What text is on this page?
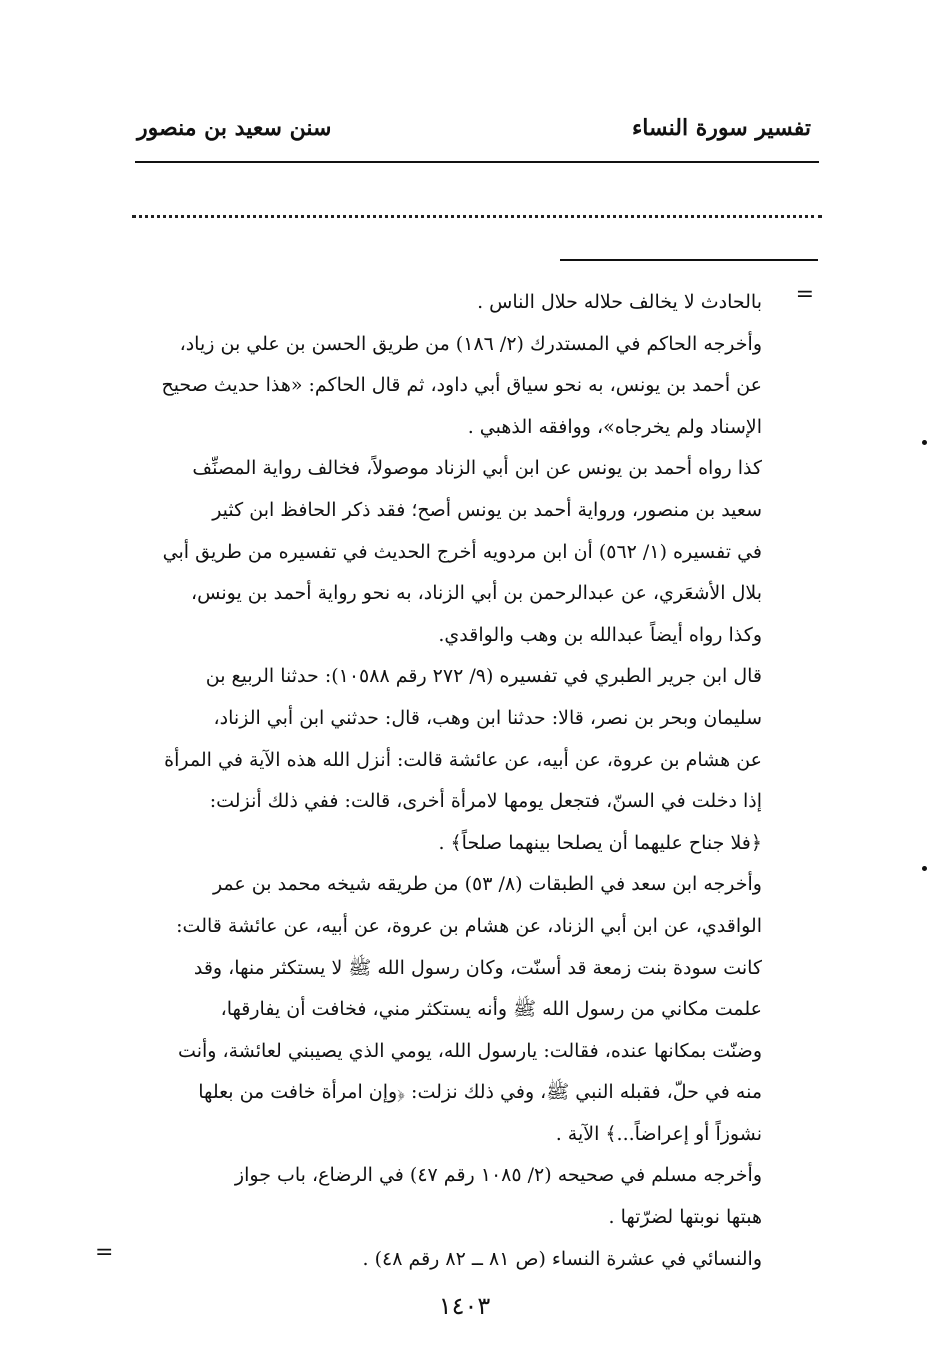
تفسير سورة النساء
سنن سعيد بن منصور
=
بالحادث لا يخالف حلاله حلال الناس .
وأخرجه الحاكم في المستدرك (٢/ ١٨٦) من طريق الحسن بن علي بن زياد،
عن أحمد بن يونس، به نحو سياق أبي داود، ثم قال الحاكم: «هذا حديث صحيح
الإسناد ولم يخرجاه»، ووافقه الذهبي .
كذا رواه أحمد بن يونس عن ابن أبي الزناد موصولاً، فخالف رواية المصنِّف
سعيد بن منصور، ورواية أحمد بن يونس أصح؛ فقد ذكر الحافظ ابن كثير
في تفسيره (١/ ٥٦٢) أن ابن مردويه أخرج الحديث في تفسيره من طريق أبي
بلال الأشعَري، عن عبدالرحمن بن أبي الزناد، به نحو رواية أحمد بن يونس،
وكذا رواه أيضاً عبدالله بن وهب والواقدي.
قال ابن جرير الطبري في تفسيره (٩/ ٢٧٢ رقم ١٠٥٨٨): حدثنا الربيع بن
سليمان وبحر بن نصر، قالا: حدثنا ابن وهب، قال: حدثني ابن أبي الزناد،
عن هشام بن عروة، عن أبيه، عن عائشة قالت: أنزل الله هذه الآية في المرأة
إذا دخلت في السنّ، فتجعل يومها لامرأة أخرى، قالت: ففي ذلك أنزلت:
﴿فلا جناح عليهما أن يصلحا بينهما صلحاً﴾ .
وأخرجه ابن سعد في الطبقات (٨/ ٥٣) من طريقه شيخه محمد بن عمر
الواقدي، عن ابن أبي الزناد، عن هشام بن عروة، عن أبيه، عن عائشة قالت:
كانت سودة بنت زمعة قد أسنّت، وكان رسول الله ﷺ لا يستكثر منها، وقد
علمت مكاني من رسول الله ﷺ وأنه يستكثر مني، فخافت أن يفارقها،
وضنّت بمكانها عنده، فقالت: يارسول الله، يومي الذي يصيبني لعائشة، وأنت
منه في حلّ، فقبله النبي ﷺ، وفي ذلك نزلت: ﴿وإن امرأة خافت من بعلها
نشوزاً أو إعراضاً...﴾ الآية .
وأخرجه مسلم في صحيحه (٢/ ١٠٨٥ رقم ٤٧) في الرضاع، باب جواز
هبتها نوبتها لضرّتها .
والنسائي في عشرة النساء (ص ٨١ ــ ٨٢ رقم ٤٨) .
=
١٤٠٣
